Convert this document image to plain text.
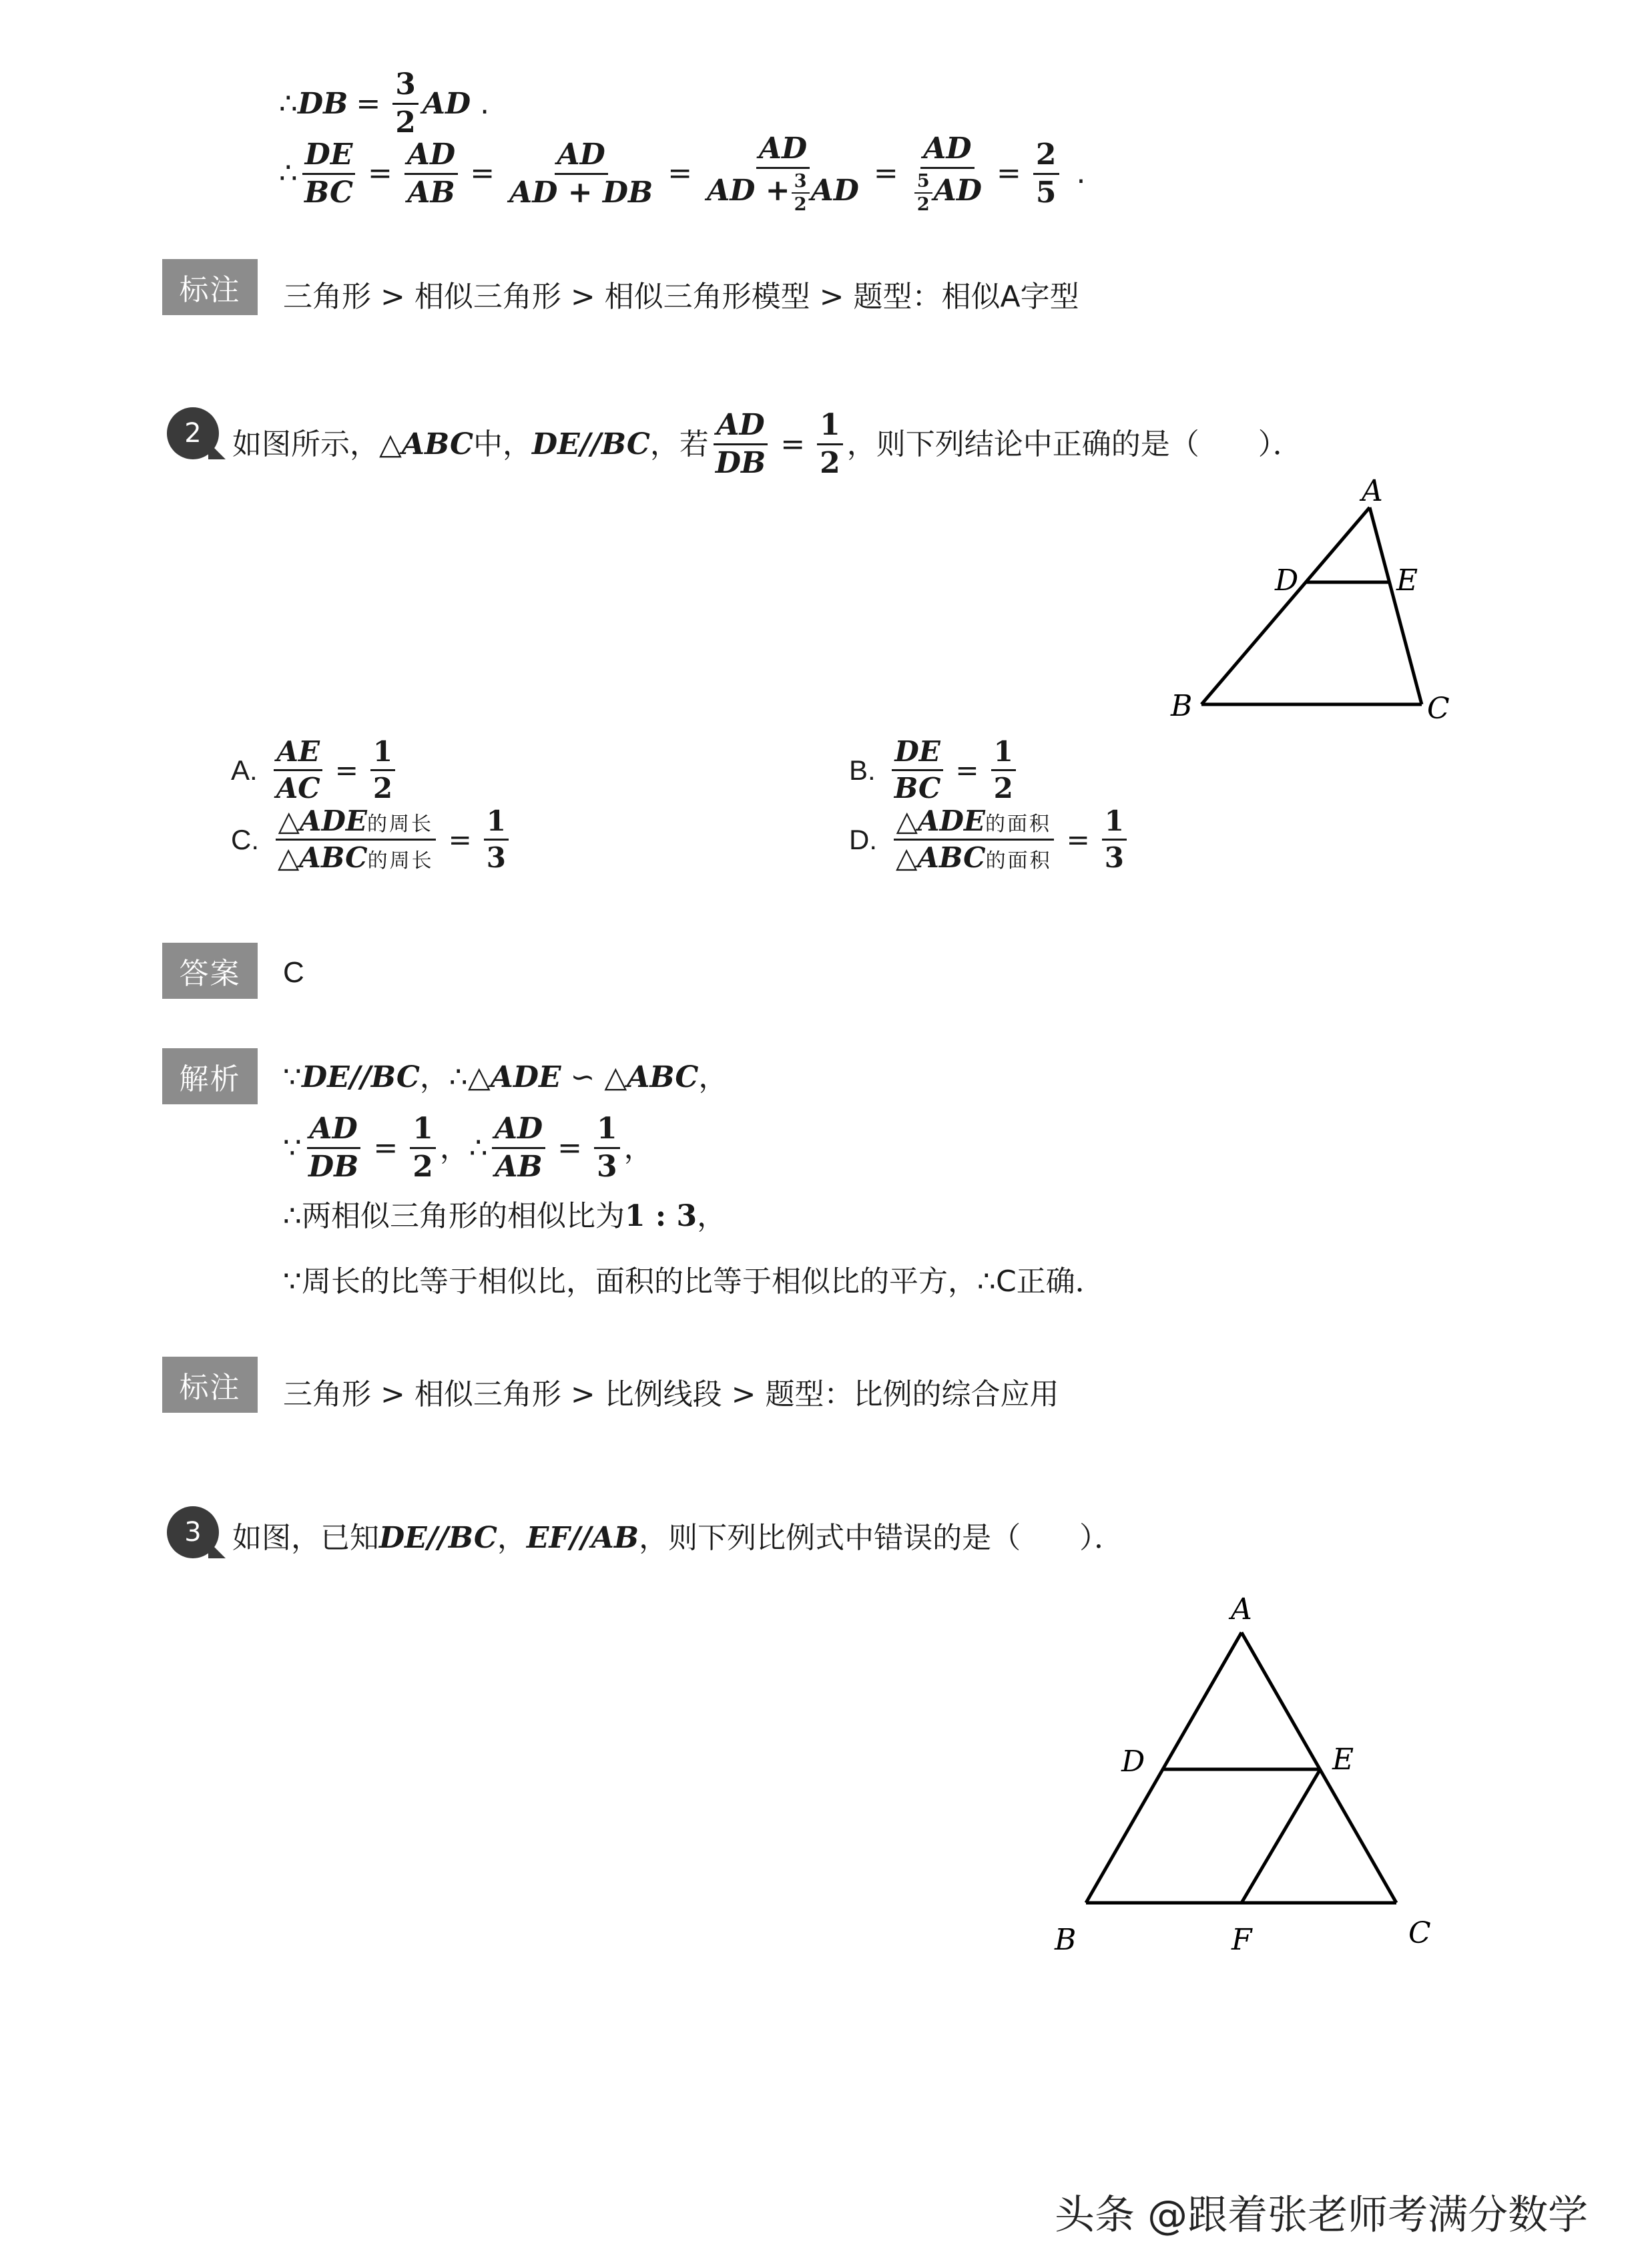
∴ DB = $\frac{3}{2}$ AD .
∴ $\frac{DE}{BC} = \frac{AD}{AB} = \frac{AD}{AD + DB} = \frac{AD}{AD + \frac{3}{2} AD} = \frac{AD}{\frac{5}{2} AD} = \frac{2}{5}$ .
标注	三角形 > 相似三角形 > 相似三角形模型 > 题型：相似A字型
2	如图所示， △ ABC 中， DE//BC ，若 $\frac{AD}{DB} = \frac{1}{2}$ ，则下列结论中正确的是（　　）．
A
D	E
B	C
A. $\frac{AE}{AC} = \frac{1}{2}$	B. $\frac{DE}{BC} = \frac{1}{2}$
C. $\frac{\text{△ADE的周长}}{\text{△ABC的周长}} = \frac{1}{3}$	D. $\frac{\text{△ADE的面积}}{\text{△ABC的面积}} = \frac{1}{3}$
答案	C
解析	∵ DE//BC ，∴△ ADE ∽ △ ABC ，
∵ $\frac{AD}{DB} = \frac{1}{2}$ ，∴ $\frac{AD}{AB} = \frac{1}{3}$ ，
∴两相似三角形的相似比为 1 : 3 ，
∵周长的比等于相似比，面积的比等于相似比的平方，∴C正确．
标注	三角形 > 相似三角形 > 比例线段 > 题型：比例的综合应用
3	如图，已知 DE//BC ， EF//AB ，则下列比例式中错误的是（　　）．
A
D	E
B	F	C
头条 @跟着张老师考满分数学
